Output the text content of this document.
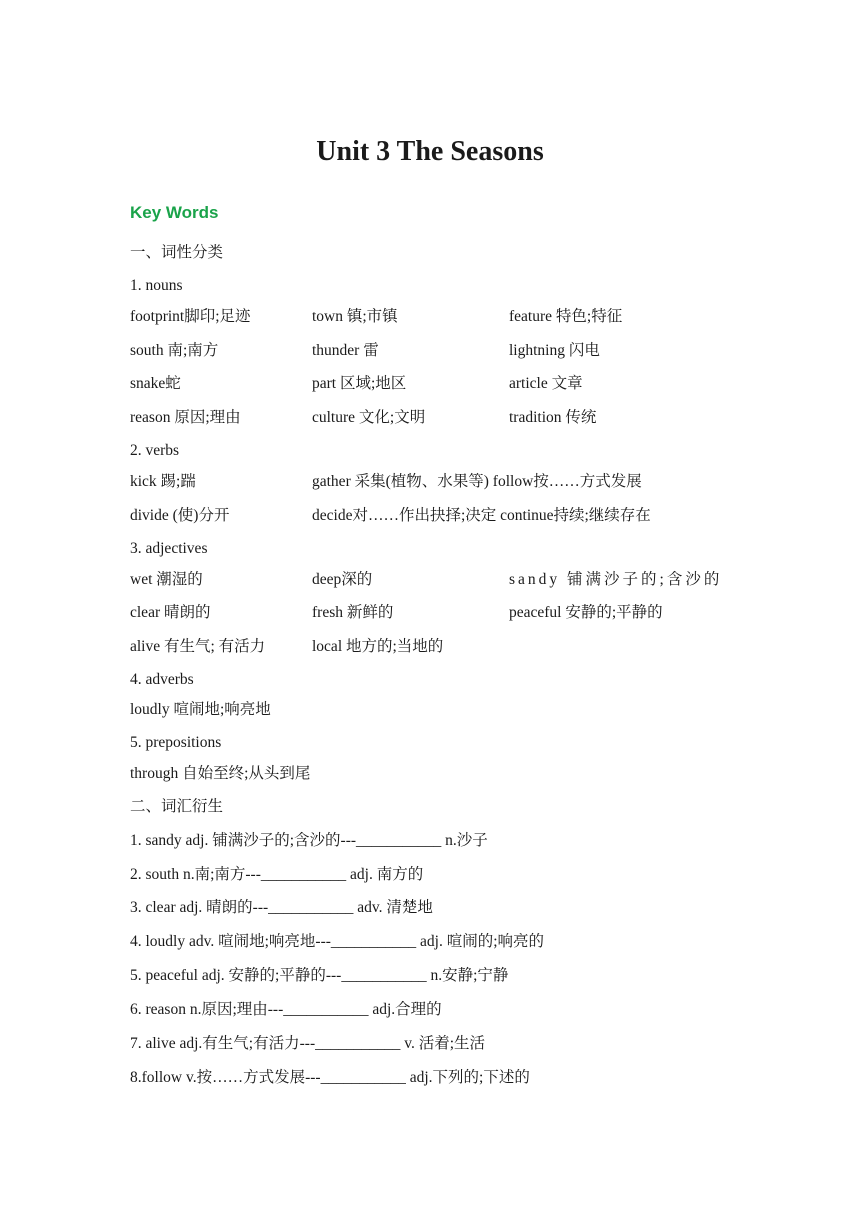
Unit 3 The Seasons
Key Words
一、词性分类
1. nouns
footprint脚印;足迹	town 镇;市镇	feature 特色;特征
south 南;南方	thunder 雷	lightning 闪电
snake蛇	part 区域;地区	article 文章
reason 原因;理由	culture 文化;文明	tradition 传统
2. verbs
kick 踢;踹	gather 采集(植物、水果等) follow按……方式发展
divide (使)分开	decide对……作出抉择;决定 continue持续;继续存在
3. adjectives
wet 潮湿的	deep深的	sandy 铺满沙子的;含沙的
clear 晴朗的	fresh 新鲜的	peaceful 安静的;平静的
alive 有生气; 有活力	local 地方的;当地的
4. adverbs
loudly 喧闹地;响亮地
5. prepositions
through 自始至终;从头到尾
二、词汇衍生
1. sandy adj. 铺满沙子的;含沙的---___________ n.沙子
2. south n.南;南方---___________ adj. 南方的
3. clear adj. 晴朗的---___________ adv. 清楚地
4. loudly adv. 喧闹地;响亮地---___________ adj. 喧闹的;响亮的
5. peaceful adj. 安静的;平静的---___________ n.安静;宁静
6. reason n.原因;理由---___________ adj.合理的
7. alive adj.有生气;有活力---___________ v. 活着;生活
8.follow v.按……方式发展---___________ adj.下列的;下述的
